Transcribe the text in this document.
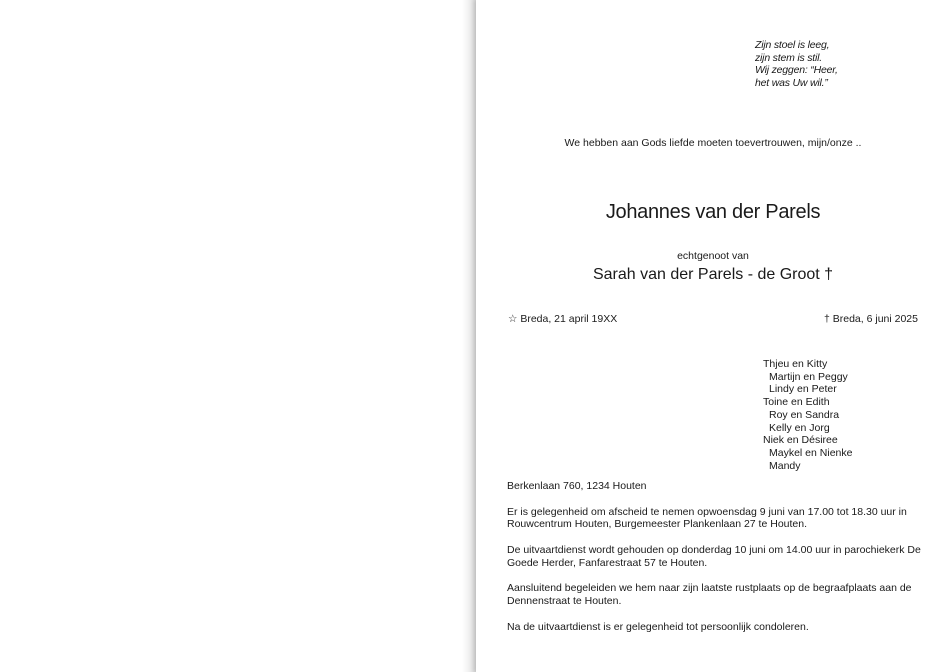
Zijn stoel is leeg,
zijn stem is stil.
Wij zeggen: “Heer,
het was Uw wil.”
We hebben aan Gods liefde moeten toevertrouwen, mijn/onze ..
Johannes van der Parels
echtgenoot van
Sarah van der Parels - de Groot †
☆ Breda, 21 april 19XX	† Breda, 6 juni 2025
Thjeu en Kitty
Martijn en Peggy
Lindy en Peter
Toine en Edith
Roy en Sandra
Kelly en Jorg
Niek en Désiree
Maykel en Nienke
Mandy

Berkenlaan 760, 1234 Houten

Er is gelegenheid om afscheid te nemen opwoensdag 9 juni van 17.00 tot 18.30 uur in Rouwcentrum Houten, Burgemeester Plankenlaan 27 te Houten.

De uitvaartdienst wordt gehouden op donderdag 10 juni om 14.00 uur in parochiekerk De Goede Herder, Fanfarestraat 57 te Houten.

Aansluitend begeleiden we hem naar zijn laatste rustplaats op de begraafplaats aan de Dennenstraat te Houten.

Na de uitvaartdienst is er gelegenheid tot persoonlijk condoleren.
